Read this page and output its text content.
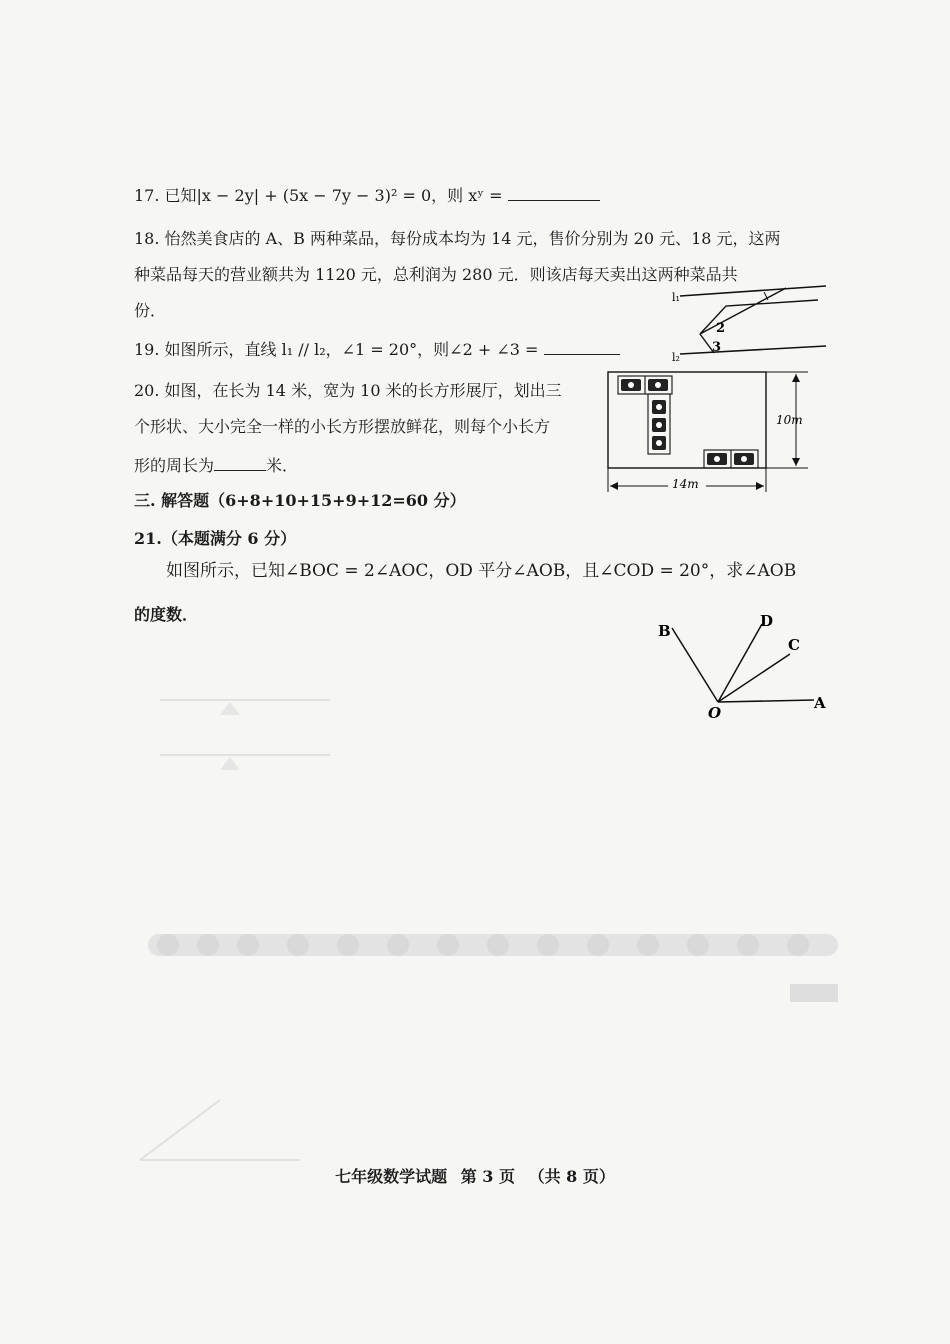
17. 已知|x − 2y| + (5x − 7y − 3)² = 0，则 xʸ =
18. 怡然美食店的 A、B 两种菜品，每份成本均为 14 元，售价分别为 20 元、18 元，这两
种菜品每天的营业额共为 1120 元，总利润为 280 元．则该店每天卖出这两种菜品共
份．
19. 如图所示，直线 l₁ // l₂，∠1 = 20°，则∠2 + ∠3 =
l₁
l₂
2
3
20. 如图，在长为 14 米，宽为 10 米的长方形展厅，划出三
个形状、大小完全一样的小长方形摆放鲜花，则每个小长方
形的周长为	米．
10m
14m
三. 解答题（6+8+10+15+9+12=60 分）
21.（本题满分 6 分）
如图所示，已知∠BOC = 2∠AOC，OD 平分∠AOB，且∠COD = 20°，求∠AOB
的度数．
B
D
C
O
A
七年级数学试题 第 3 页 （共 8 页）
